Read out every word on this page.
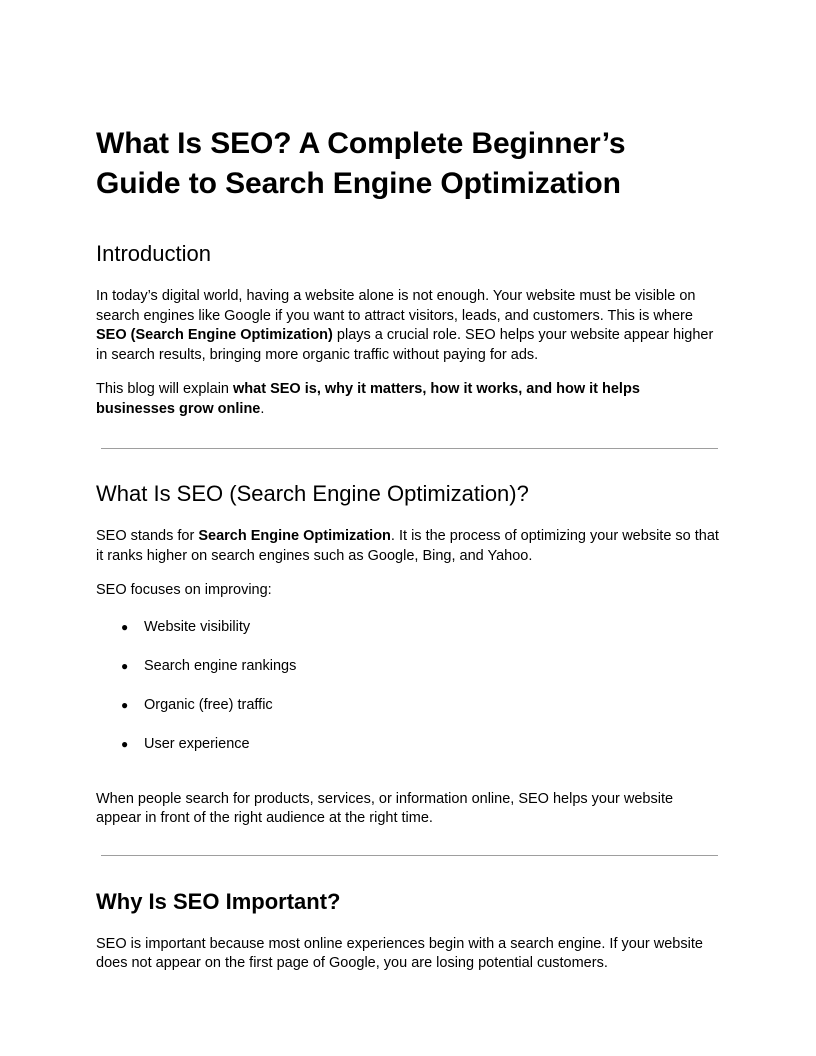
What Is SEO? A Complete Beginner’s
Guide to Search Engine Optimization
Introduction

In today’s digital world, having a website alone is not enough. Your website must be visible on search engines like Google if you want to attract visitors, leads, and customers. This is where SEO (Search Engine Optimization) plays a crucial role. SEO helps your website appear higher in search results, bringing more organic traffic without paying for ads.

This blog will explain what SEO is, why it matters, how it works, and how it helps businesses grow online.

What Is SEO (Search Engine Optimization)?

SEO stands for Search Engine Optimization. It is the process of optimizing your website so that it ranks higher on search engines such as Google, Bing, and Yahoo.

SEO focuses on improving:

● Website visibility
● Search engine rankings
● Organic (free) traffic
● User experience

When people search for products, services, or information online, SEO helps your website appear in front of the right audience at the right time.

Why Is SEO Important?

SEO is important because most online experiences begin with a search engine. If your website does not appear on the first page of Google, you are losing potential customers.
